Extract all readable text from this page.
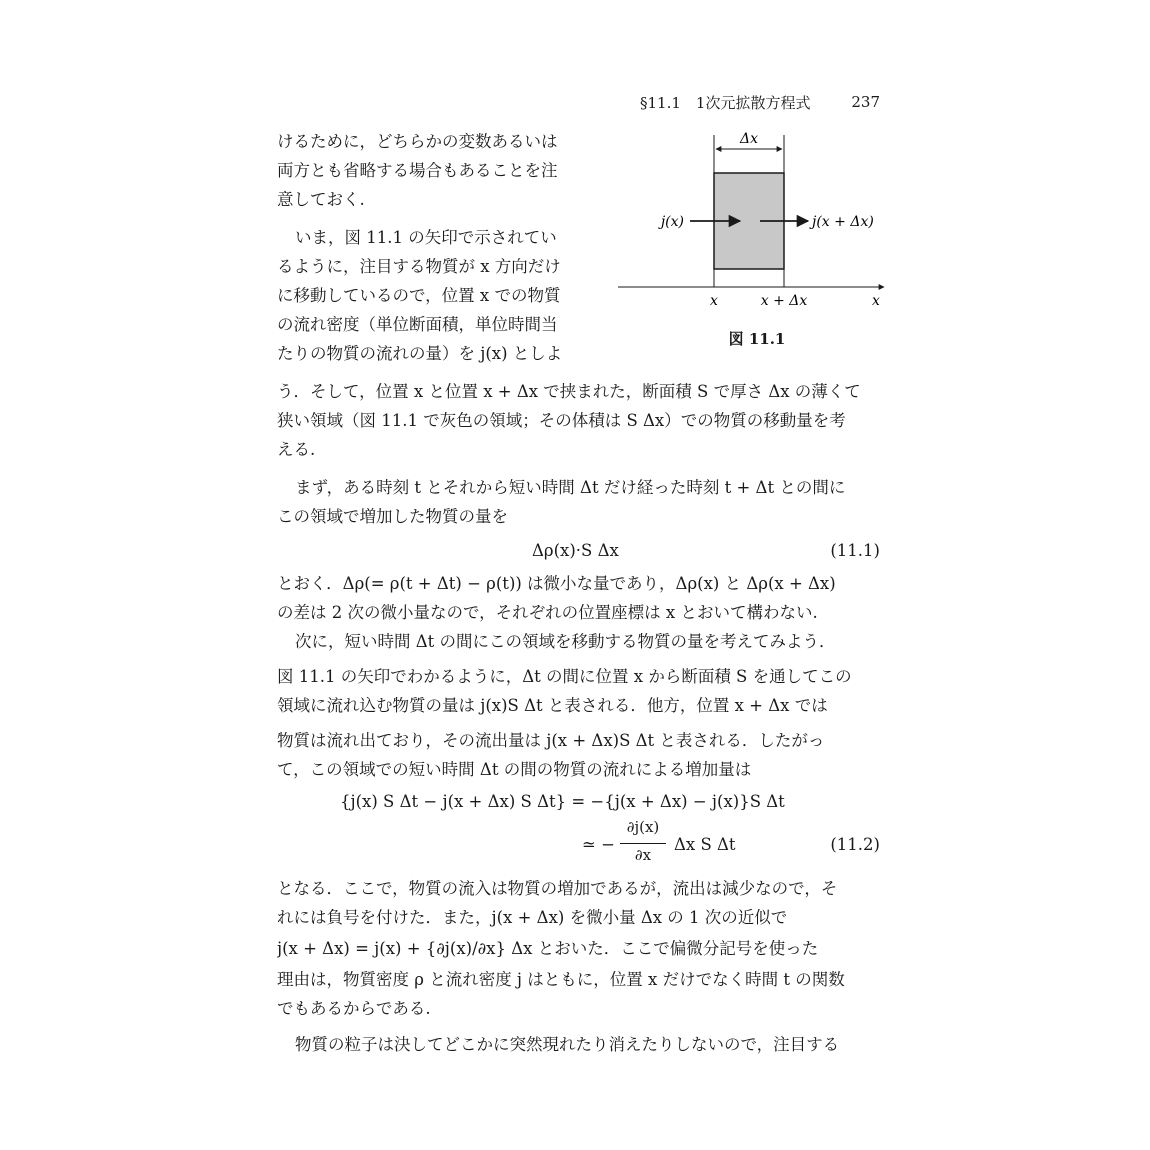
§11.1　1次元拡散方程式	237
Δx
j(x)	j(x + Δx)
x	x + Δx	x
図 11.1
けるために，どちらかの変数あるいは
両方とも省略する場合もあることを注
意しておく.
いま，図 11.1 の矢印で示されてい
るように，注目する物質が x 方向だけ
に移動しているので，位置 x での物質
の流れ密度（単位断面積，単位時間当
たりの物質の流れの量）を j(x) としよ
う．そして，位置 x と位置 x + Δx で挟まれた，断面積 S で厚さ Δx の薄くて
狭い領域（図 11.1 で灰色の領域；その体積は S Δx）での物質の移動量を考
える.
まず，ある時刻 t とそれから短い時間 Δt だけ経った時刻 t + Δt との間に
この領域で増加した物質の量を
Δρ(x)·S Δx	(11.1)
とおく．Δρ(= ρ(t + Δt) − ρ(t)) は微小な量であり，Δρ(x) と Δρ(x + Δx)
の差は 2 次の微小量なので，それぞれの位置座標は x とおいて構わない.
次に，短い時間 Δt の間にこの領域を移動する物質の量を考えてみよう．
図 11.1 の矢印でわかるように，Δt の間に位置 x から断面積 S を通してこの
領域に流れ込む物質の量は j(x)S Δt と表される．他方，位置 x + Δx では
物質は流れ出ており，その流出量は j(x + Δx)S Δt と表される．したがっ
て，この領域での短い時間 Δt の間の物質の流れによる増加量は
{j(x) S Δt − j(x + Δx) S Δt} = −{j(x + Δx) − j(x)}S Δt
≃ −
∂j(x)
∂x
Δx S Δt	(11.2)
となる．ここで，物質の流入は物質の増加であるが，流出は減少なので，そ
れには負号を付けた．また，j(x + Δx) を微小量 Δx の 1 次の近似で
j(x + Δx) = j(x) + {∂j(x)/∂x} Δx とおいた．ここで偏微分記号を使った
理由は，物質密度 ρ と流れ密度 j はともに，位置 x だけでなく時間 t の関数
でもあるからである.
物質の粒子は決してどこかに突然現れたり消えたりしないので，注目する
